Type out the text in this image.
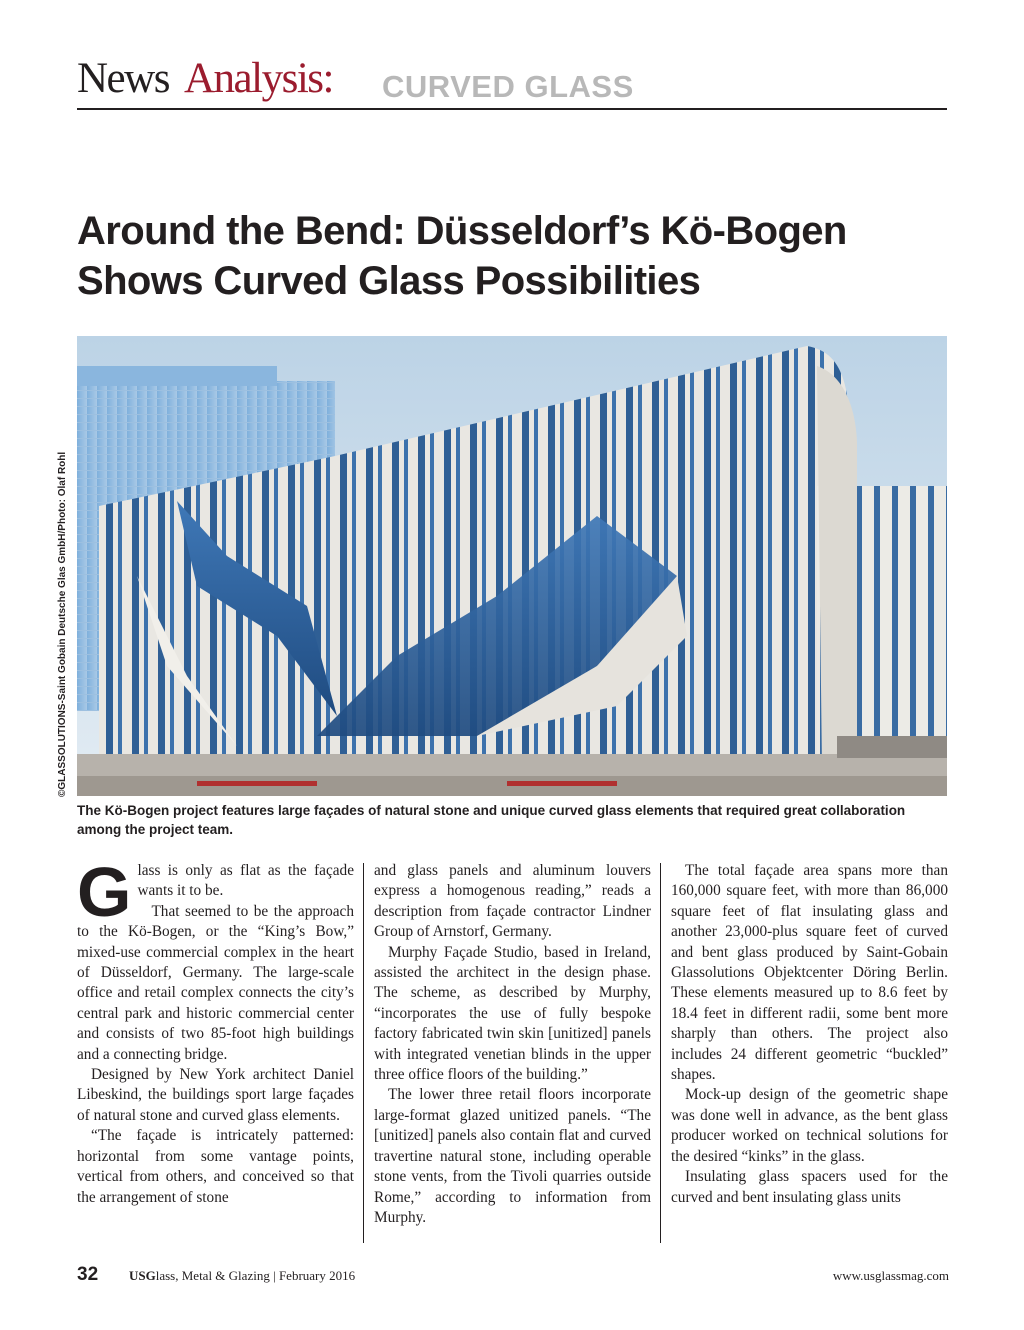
News Analysis: CURVED GLASS
Around the Bend: Düsseldorf’s Kö-Bogen Shows Curved Glass Possibilities
©GLASSOLUTIONS-Saint Gobain Deutsche Glas GmbH/Photo: Olaf Rohl

The Kö-Bogen project features large façades of natural stone and unique curved glass elements that required great collaboration among the project team.

Glass is only as flat as the façade wants it to be.

That seemed to be the approach to the Kö-Bogen, or the “King’s Bow,” mixed-use commercial complex in the heart of Düsseldorf, Germany. The large-scale office and retail complex connects the city’s central park and historic commercial center and consists of two 85-foot high buildings and a connecting bridge.

Designed by New York architect Daniel Libeskind, the buildings sport large façades of natural stone and curved glass elements.

“The façade is intricately patterned: horizontal from some vantage points, vertical from others, and conceived so that the arrangement of stone

and glass panels and aluminum louvers express a homogenous reading,” reads a description from façade contractor Lindner Group of Arnstorf, Germany.

Murphy Façade Studio, based in Ireland, assisted the architect in the design phase. The scheme, as described by Murphy, “incorporates the use of fully bespoke factory fabricated twin skin [unitized] panels with integrated venetian blinds in the upper three office floors of the building.”

The lower three retail floors incorporate large-format glazed unitized panels. “The [unitized] panels also contain flat and curved travertine natural stone, including operable stone vents, from the Tivoli quarries outside Rome,” according to information from Murphy.

The total façade area spans more than 160,000 square feet, with more than 86,000 square feet of flat insulating glass and another 23,000-plus square feet of curved and bent glass produced by Saint-Gobain Glassolutions Objektcenter Döring Berlin. These elements measured up to 8.6 feet by 18.4 feet in different radii, some bent more sharply than others. The project also includes 24 different geometric “buckled” shapes.

Mock-up design of the geometric shape was done well in advance, as the bent glass producer worked on technical solutions for the desired “kinks” in the glass.

Insulating glass spacers used for the curved and bent insulating glass units

32 USGlass, Metal & Glazing | February 2016	www.usglassmag.com
